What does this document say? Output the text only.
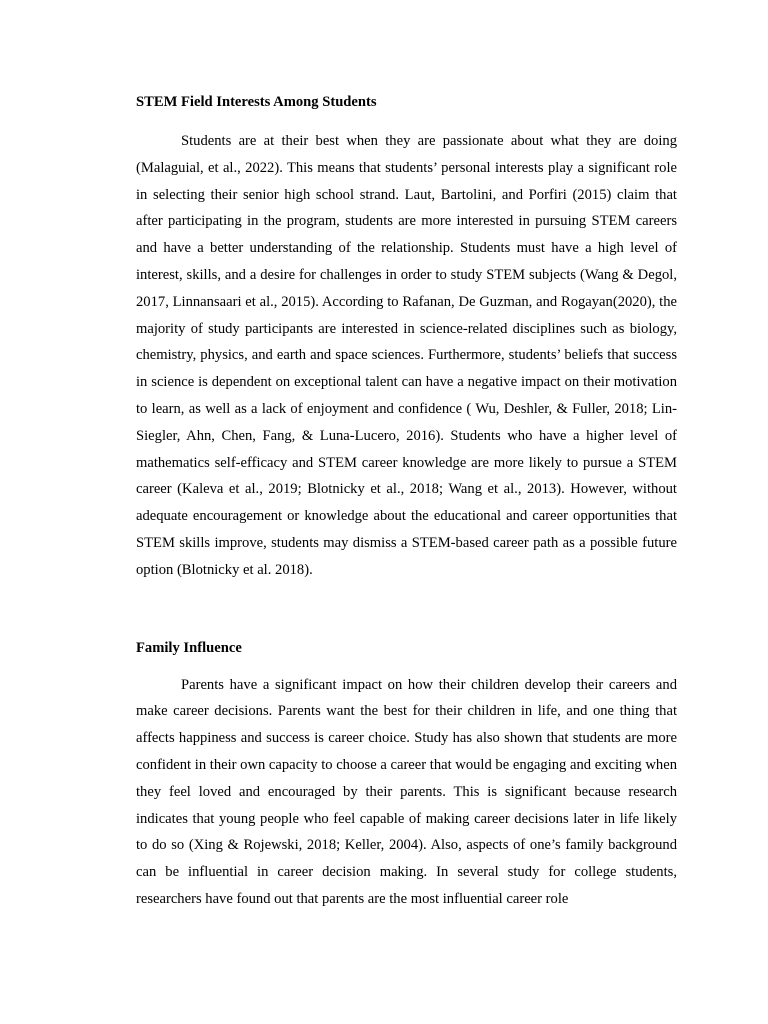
STEM Field Interests Among Students

Students are at their best when they are passionate about what they are doing (Malaguial, et al., 2022). This means that students’ personal interests play a significant role in selecting their senior high school strand. Laut, Bartolini, and Porfiri (2015) claim that after participating in the program, students are more interested in pursuing STEM careers and have a better understanding of the relationship. Students must have a high level of interest, skills, and a desire for challenges in order to study STEM subjects (Wang & Degol, 2017, Linnansaari et al., 2015). According to Rafanan, De Guzman, and Rogayan(2020), the majority of study participants are interested in science-related disciplines such as biology, chemistry, physics, and earth and space sciences. Furthermore, students’ beliefs that success in science is dependent on exceptional talent can have a negative impact on their motivation to learn, as well as a lack of enjoyment and confidence ( Wu, Deshler, & Fuller, 2018; Lin-Siegler, Ahn, Chen, Fang, & Luna-Lucero, 2016). Students who have a higher level of mathematics self-efficacy and STEM career knowledge are more likely to pursue a STEM career (Kaleva et al., 2019; Blotnicky et al., 2018; Wang et al., 2013). However, without adequate encouragement or knowledge about the educational and career opportunities that STEM skills improve, students may dismiss a STEM-based career path as a possible future option (Blotnicky et al. 2018).

Family Influence

Parents have a significant impact on how their children develop their careers and make career decisions. Parents want the best for their children in life, and one thing that affects happiness and success is career choice. Study has also shown that students are more confident in their own capacity to choose a career that would be engaging and exciting when they feel loved and encouraged by their parents. This is significant because research indicates that young people who feel capable of making career decisions later in life likely to do so (Xing & Rojewski, 2018; Keller, 2004). Also, aspects of one’s family background can be influential in career decision making. In several study for college students, researchers have found out that parents are the most influential career role
